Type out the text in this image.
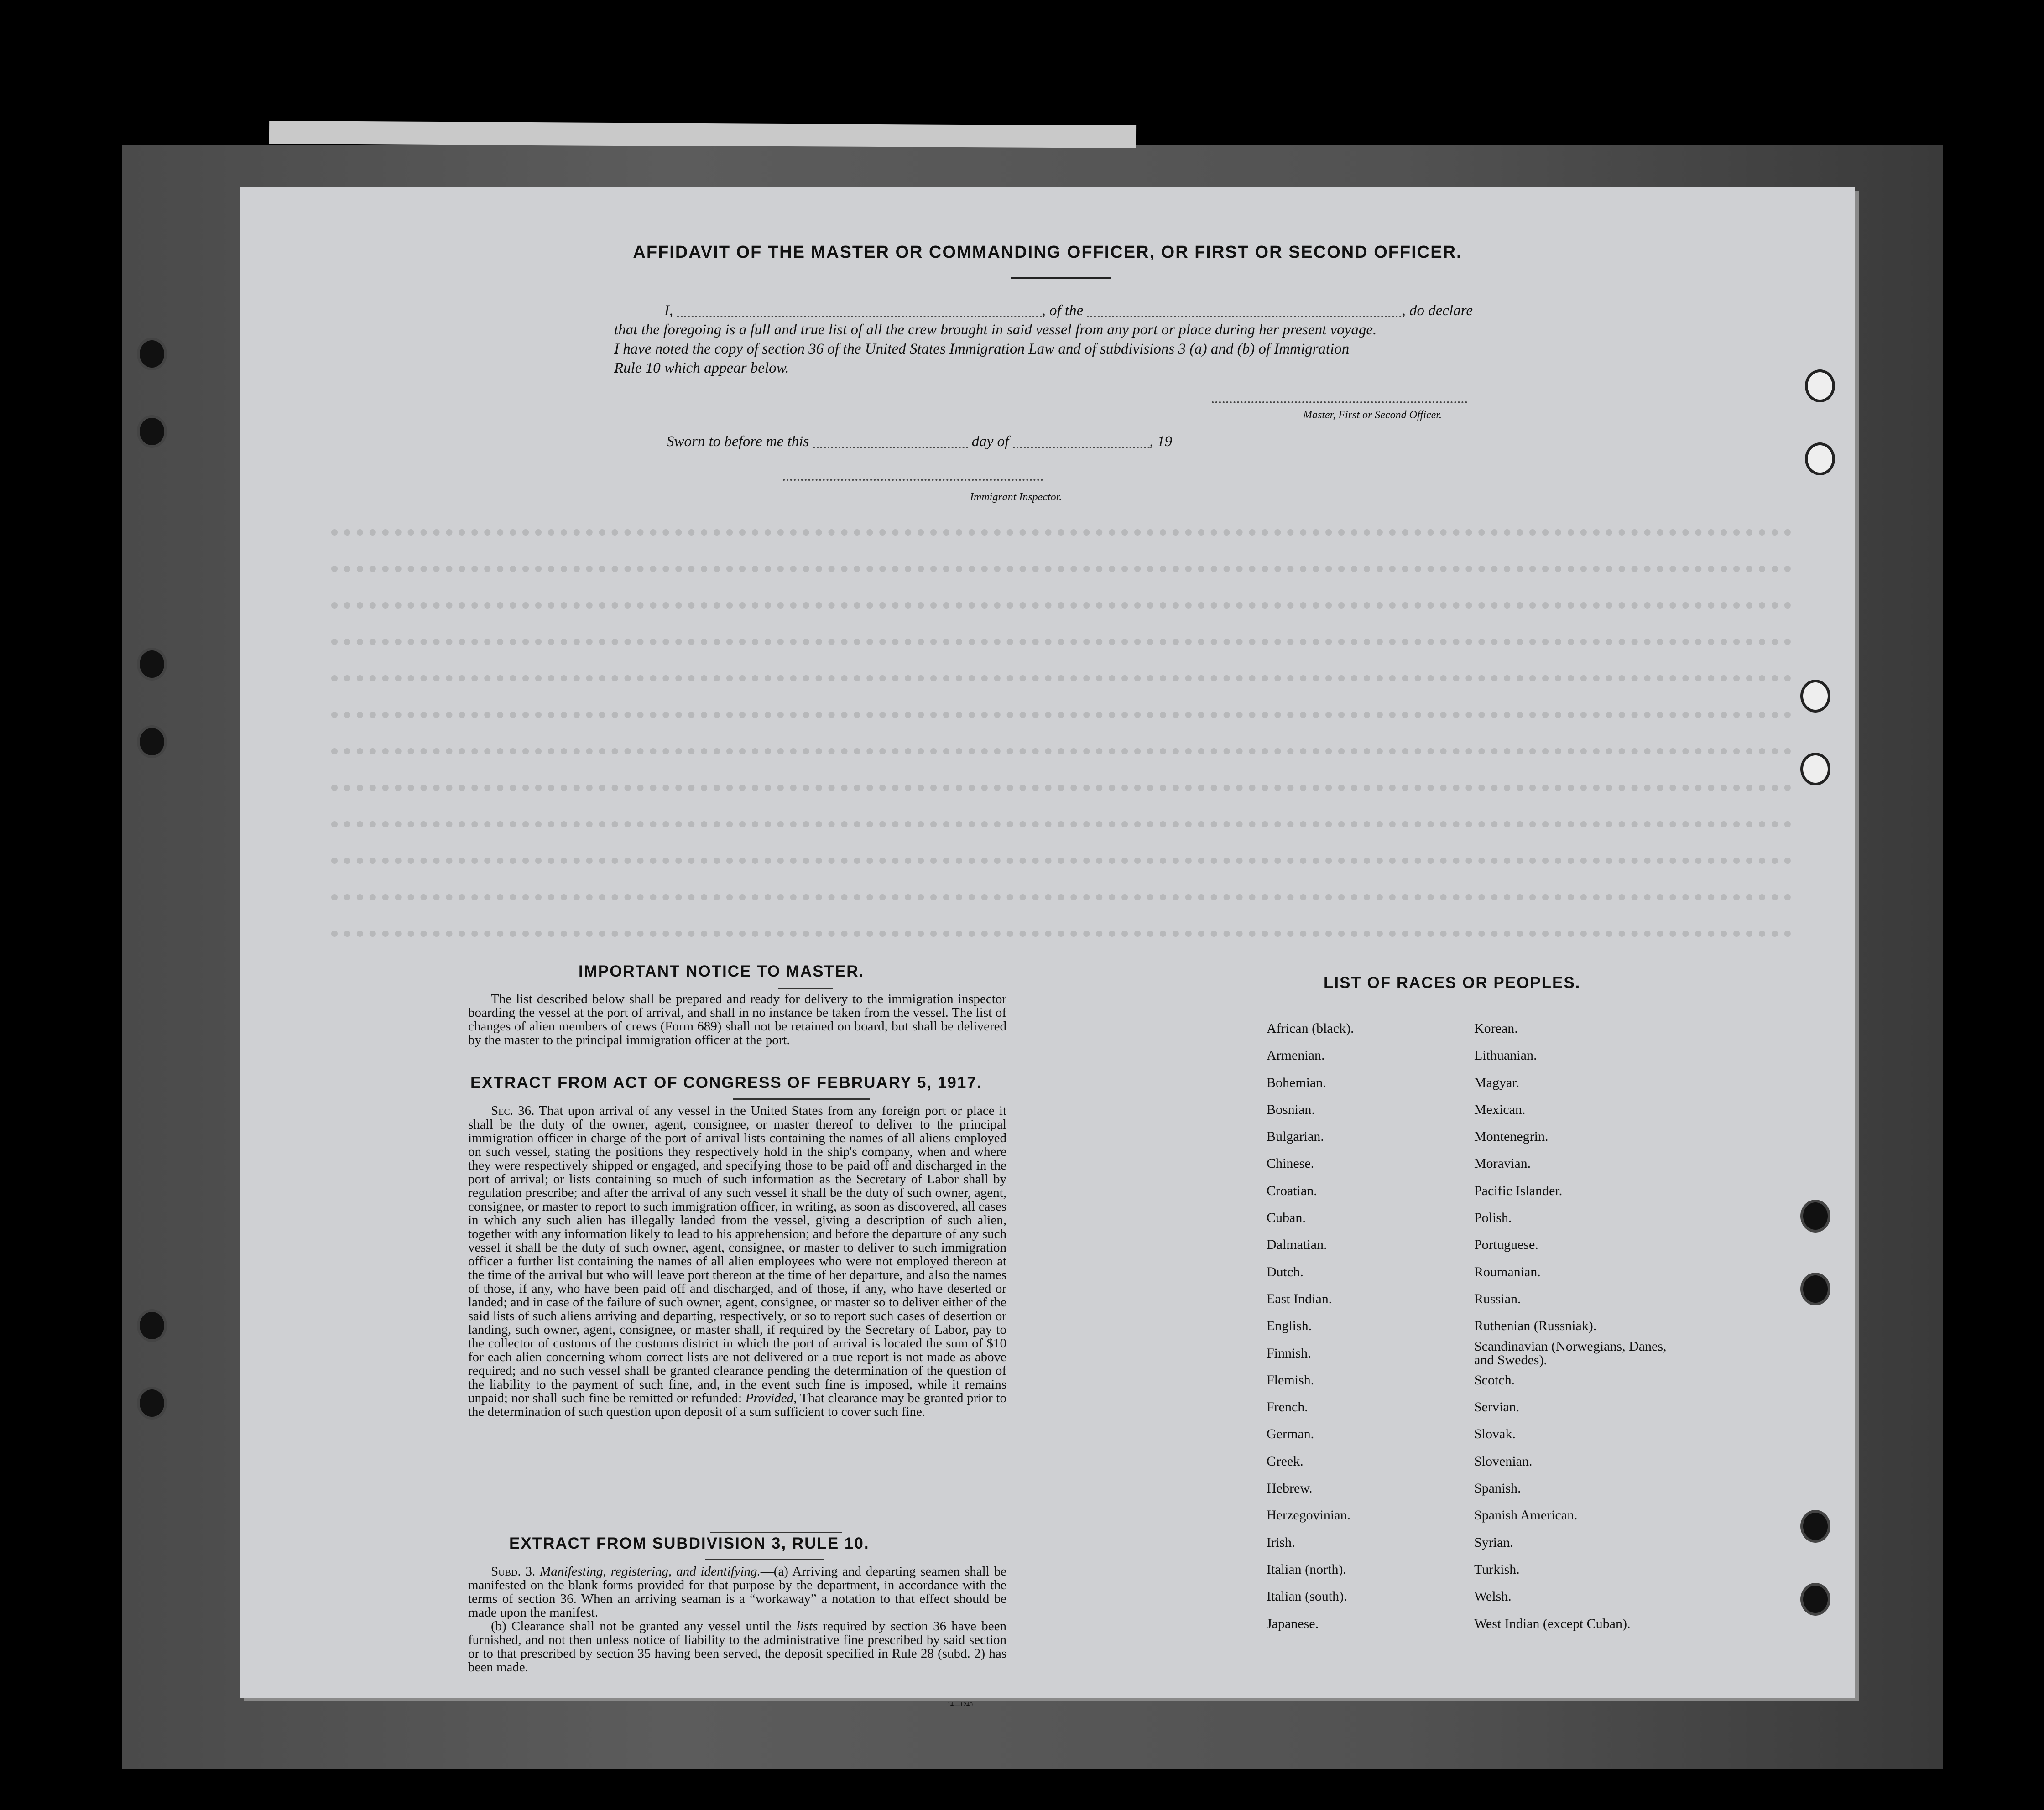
AFFIDAVIT OF THE MASTER OR COMMANDING OFFICER, OR FIRST OR SECOND OFFICER.
I,	, of the	, do declare
that the foregoing is a full and true list of all the crew brought in said vessel from any port or place during her present voyage.
I have noted the copy of section 36 of the United States Immigration Law and of subdivisions 3 (a) and (b) of Immigration
Rule 10 which appear below.
Master, First or Second Officer.
Sworn to before me this	day of	, 19
Immigrant Inspector.
IMPORTANT NOTICE TO MASTER.
The list described below shall be prepared and ready for delivery to the immigration inspector boarding the vessel at the port of arrival, and shall in no instance be taken from the vessel. The list of changes of alien members of crews (Form 689) shall not be retained on board, but shall be delivered by the master to the principal immigration officer at the port.
EXTRACT FROM ACT OF CONGRESS OF FEBRUARY 5, 1917.
Sec. 36. That upon arrival of any vessel in the United States from any foreign port or place it shall be the duty of the owner, agent, consignee, or master thereof to deliver to the principal immigration officer in charge of the port of arrival lists containing the names of all aliens employed on such vessel, stating the positions they respectively hold in the ship's company, when and where they were respectively shipped or engaged, and specifying those to be paid off and discharged in the port of arrival; or lists containing so much of such information as the Secretary of Labor shall by regulation prescribe; and after the arrival of any such vessel it shall be the duty of such owner, agent, consignee, or master to report to such immigration officer, in writing, as soon as discovered, all cases in which any such alien has illegally landed from the vessel, giving a description of such alien, together with any information likely to lead to his apprehension; and before the departure of any such vessel it shall be the duty of such owner, agent, consignee, or master to deliver to such immigration officer a further list containing the names of all alien employees who were not employed thereon at the time of the arrival but who will leave port thereon at the time of her departure, and also the names of those, if any, who have been paid off and discharged, and of those, if any, who have deserted or landed; and in case of the failure of such owner, agent, consignee, or master so to deliver either of the said lists of such aliens arriving and departing, respectively, or so to report such cases of desertion or landing, such owner, agent, consignee, or master shall, if required by the Secretary of Labor, pay to the collector of customs of the customs district in which the port of arrival is located the sum of $10 for each alien concerning whom correct lists are not delivered or a true report is not made as above required; and no such vessel shall be granted clearance pending the determination of the question of the liability to the payment of such fine, and, in the event such fine is imposed, while it remains unpaid; nor shall such fine be remitted or refunded: Provided, That clearance may be granted prior to the determination of such question upon deposit of a sum sufficient to cover such fine.
EXTRACT FROM SUBDIVISION 3, RULE 10.
Subd. 3. Manifesting, registering, and identifying.—(a) Arriving and departing seamen shall be manifested on the blank forms provided for that purpose by the department, in accordance with the terms of section 36. When an arriving seaman is a “workaway” a notation to that effect should be made upon the manifest.
(b) Clearance shall not be granted any vessel until the lists required by section 36 have been furnished, and not then unless notice of liability to the administrative fine prescribed by said section or to that prescribed by section 35 having been served, the deposit specified in Rule 28 (subd. 2) has been made.
14—1240
LIST OF RACES OR PEOPLES.
African (black).
Armenian.
Bohemian.
Bosnian.
Bulgarian.
Chinese.
Croatian.
Cuban.
Dalmatian.
Dutch.
East Indian.
English.
Finnish.
Flemish.
French.
German.
Greek.
Hebrew.
Herzegovinian.
Irish.
Italian (north).
Italian (south).
Japanese.
Korean.
Lithuanian.
Magyar.
Mexican.
Montenegrin.
Moravian.
Pacific Islander.
Polish.
Portuguese.
Roumanian.
Russian.
Ruthenian (Russniak).
Scandinavian (Norwegians, Danes, and Swedes).
Scotch.
Servian.
Slovak.
Slovenian.
Spanish.
Spanish American.
Syrian.
Turkish.
Welsh.
West Indian (except Cuban).
